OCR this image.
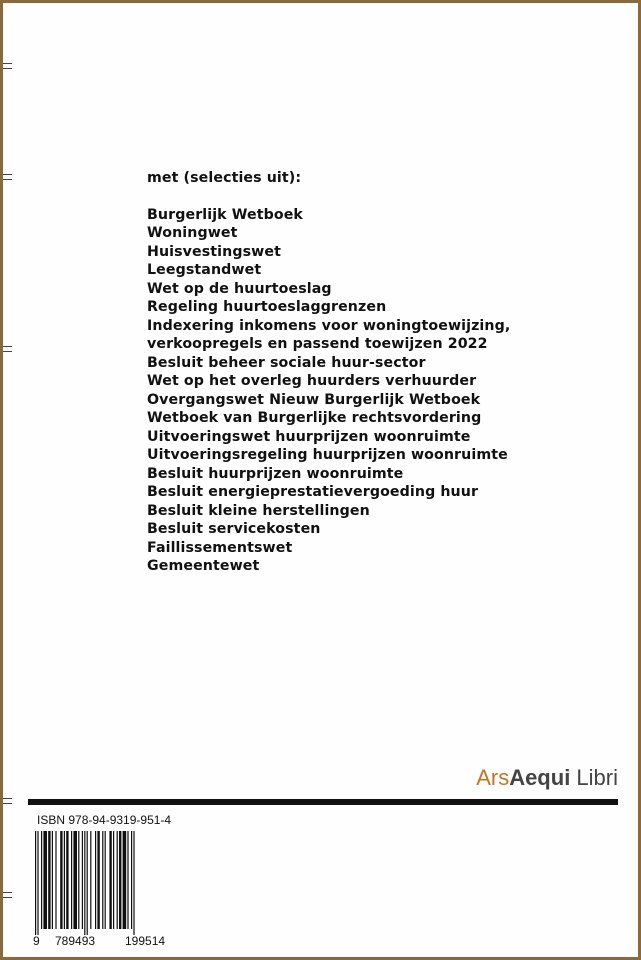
met (selecties uit):
Burgerlijk Wetboek
Woningwet
Huisvestingswet
Leegstandwet
Wet op de huurtoeslag
Regeling huurtoeslaggrenzen
Indexering inkomens voor woningtoewijzing,
verkoopregels en passend toewijzen 2022
Besluit beheer sociale huur-sector
Wet op het overleg huurders verhuurder
Overgangswet Nieuw Burgerlijk Wetboek
Wetboek van Burgerlijke rechtsvordering
Uitvoeringswet huurprijzen woonruimte
Uitvoeringsregeling huurprijzen woonruimte
Besluit huurprijzen woonruimte
Besluit energieprestatievergoeding huur
Besluit kleine herstellingen
Besluit servicekosten
Faillissementswet
Gemeentewet
ArsAequi Libri
ISBN 978-94-9319-951-4
9 789493 199514
